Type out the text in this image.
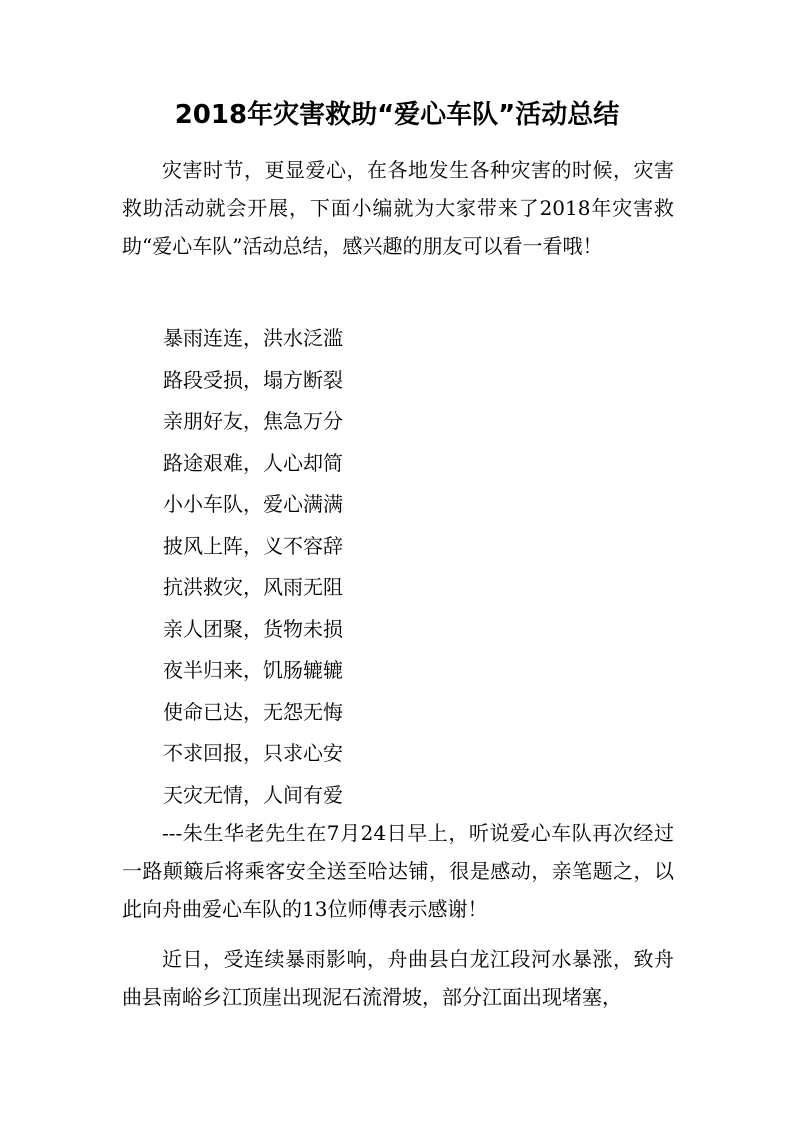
2018年灾害救助“爱心车队”活动总结

灾害时节，更显爱心，在各地发生各种灾害的时候，灾害救助活动就会开展，下面小编就为大家带来了2018年灾害救助“爱心车队”活动总结，感兴趣的朋友可以看一看哦！

暴雨连连，洪水泛滥
路段受损，塌方断裂
亲朋好友，焦急万分
路途艰难，人心却简
小小车队，爱心满满
披风上阵，义不容辞
抗洪救灾，风雨无阻
亲人团聚，货物未损
夜半归来，饥肠辘辘
使命已达，无怨无悔
不求回报，只求心安
天灾无情，人间有爱

---朱生华老先生在7月24日早上，听说爱心车队再次经过一路颠簸后将乘客安全送至哈达铺，很是感动，亲笔题之，以此向舟曲爱心车队的13位师傅表示感谢！

近日，受连续暴雨影响，舟曲县白龙江段河水暴涨，致舟曲县南峪乡江顶崖出现泥石流滑坡，部分江面出现堵塞，
